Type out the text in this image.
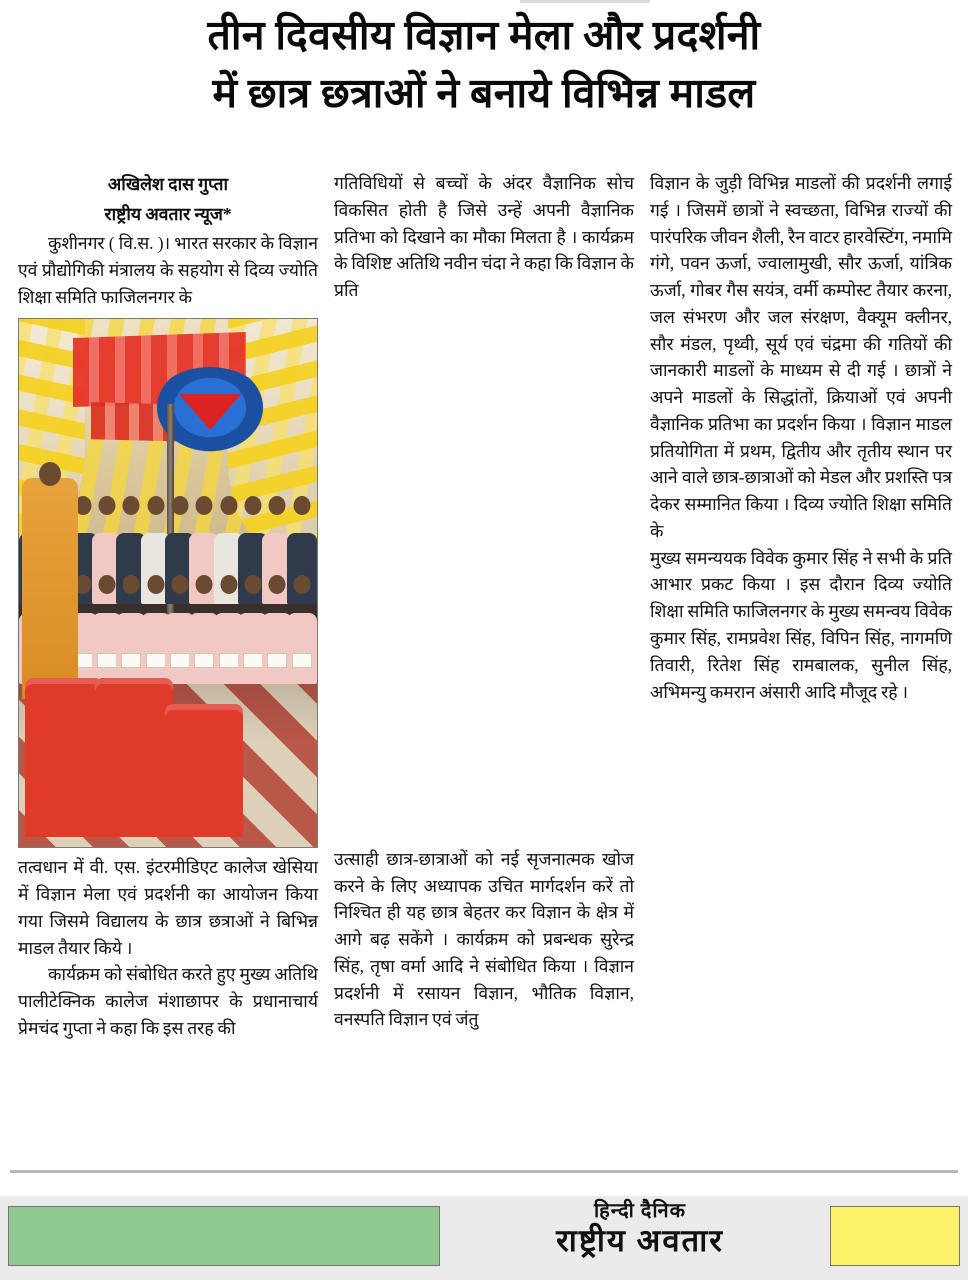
तीन दिवसीय विज्ञान मेला और प्रदर्शनी
में छात्र छत्राओं ने बनाये विभिन्न माडल
अखिलेश दास गुप्ता
राष्ट्रीय अवतार न्यूज*

कुशीनगर ( वि.स. )। भारत सरकार के विज्ञान एवं प्रौद्योगिकी मंत्रालय के सहयोग से दिव्य ज्योति शिक्षा समिति फाजिलनगर के

तत्वधान में वी. एस. इंटरमीडिएट कालेज खेसिया में विज्ञान मेला एवं प्रदर्शनी का आयोजन किया गया जिसमे विद्यालय के छात्र छत्राओं ने बिभिन्न माडल तैयार किये ।

कार्यक्रम को संबोधित करते हुए मुख्य अतिथि पालीटेक्निक कालेज मंशाछापर के प्रधानाचार्य प्रेमचंद गुप्ता ने कहा कि इस तरह की

गतिविधियों से बच्चों के अंदर वैज्ञानिक सोच विकसित होती है जिसे उन्हें अपनी वैज्ञानिक प्रतिभा को दिखाने का मौका मिलता है । कार्यक्रम के विशिष्ट अतिथि नवीन चंदा ने कहा कि विज्ञान के प्रति

उत्साही छात्र-छात्राओं को नई सृजनात्मक खोज करने के लिए अध्यापक उचित मार्गदर्शन करें तो निश्चित ही यह छात्र बेहतर कर विज्ञान के क्षेत्र में आगे बढ़ सकेंगे । कार्यक्रम को प्रबन्धक सुरेन्द्र सिंह, तृषा वर्मा आदि ने संबोधित किया । विज्ञान प्रदर्शनी में रसायन विज्ञान, भौतिक विज्ञान, वनस्पति विज्ञान एवं जंतु

विज्ञान के जुड़ी विभिन्न माडलों की प्रदर्शनी लगाई गई । जिसमें छात्रों ने स्वच्छता, विभिन्न राज्यों की पारंपरिक जीवन शैली, रैन वाटर हारवेस्टिंग, नमामि गंगे, पवन ऊर्जा, ज्वालामुखी, सौर ऊर्जा, यांत्रिक ऊर्जा, गोबर गैस सयंत्र, वर्मी कम्पोस्ट तैयार करना, जल संभरण और जल संरक्षण, वैक्यूम क्लीनर, सौर मंडल, पृथ्वी, सूर्य एवं चंद्रमा की गतियों की जानकारी माडलों के माध्यम से दी गई । छात्रों ने अपने माडलों के सिद्धांतों, क्रियाओं एवं अपनी वैज्ञानिक प्रतिभा का प्रदर्शन किया । विज्ञान माडल प्रतियोगिता में प्रथम, द्वितीय और तृतीय स्थान पर आने वाले छात्र-छात्राओं को मेडल और प्रशस्ति पत्र देकर सम्मानित किया । दिव्य ज्योति शिक्षा समिति के

मुख्य समन्ययक विवेक कुमार सिंह ने सभी के प्रति आभार प्रकट किया । इस दौरान दिव्य ज्योति शिक्षा समिति फाजिलनगर के मुख्य समन्वय विवेक कुमार सिंह, रामप्रवेश सिंह, विपिन सिंह, नागमणि तिवारी, रितेश सिंह रामबालक, सुनील सिंह, अभिमन्यु कमरान अंसारी आदि मौजूद रहे ।

हिन्दी दैनिक
राष्ट्रीय अवतार
